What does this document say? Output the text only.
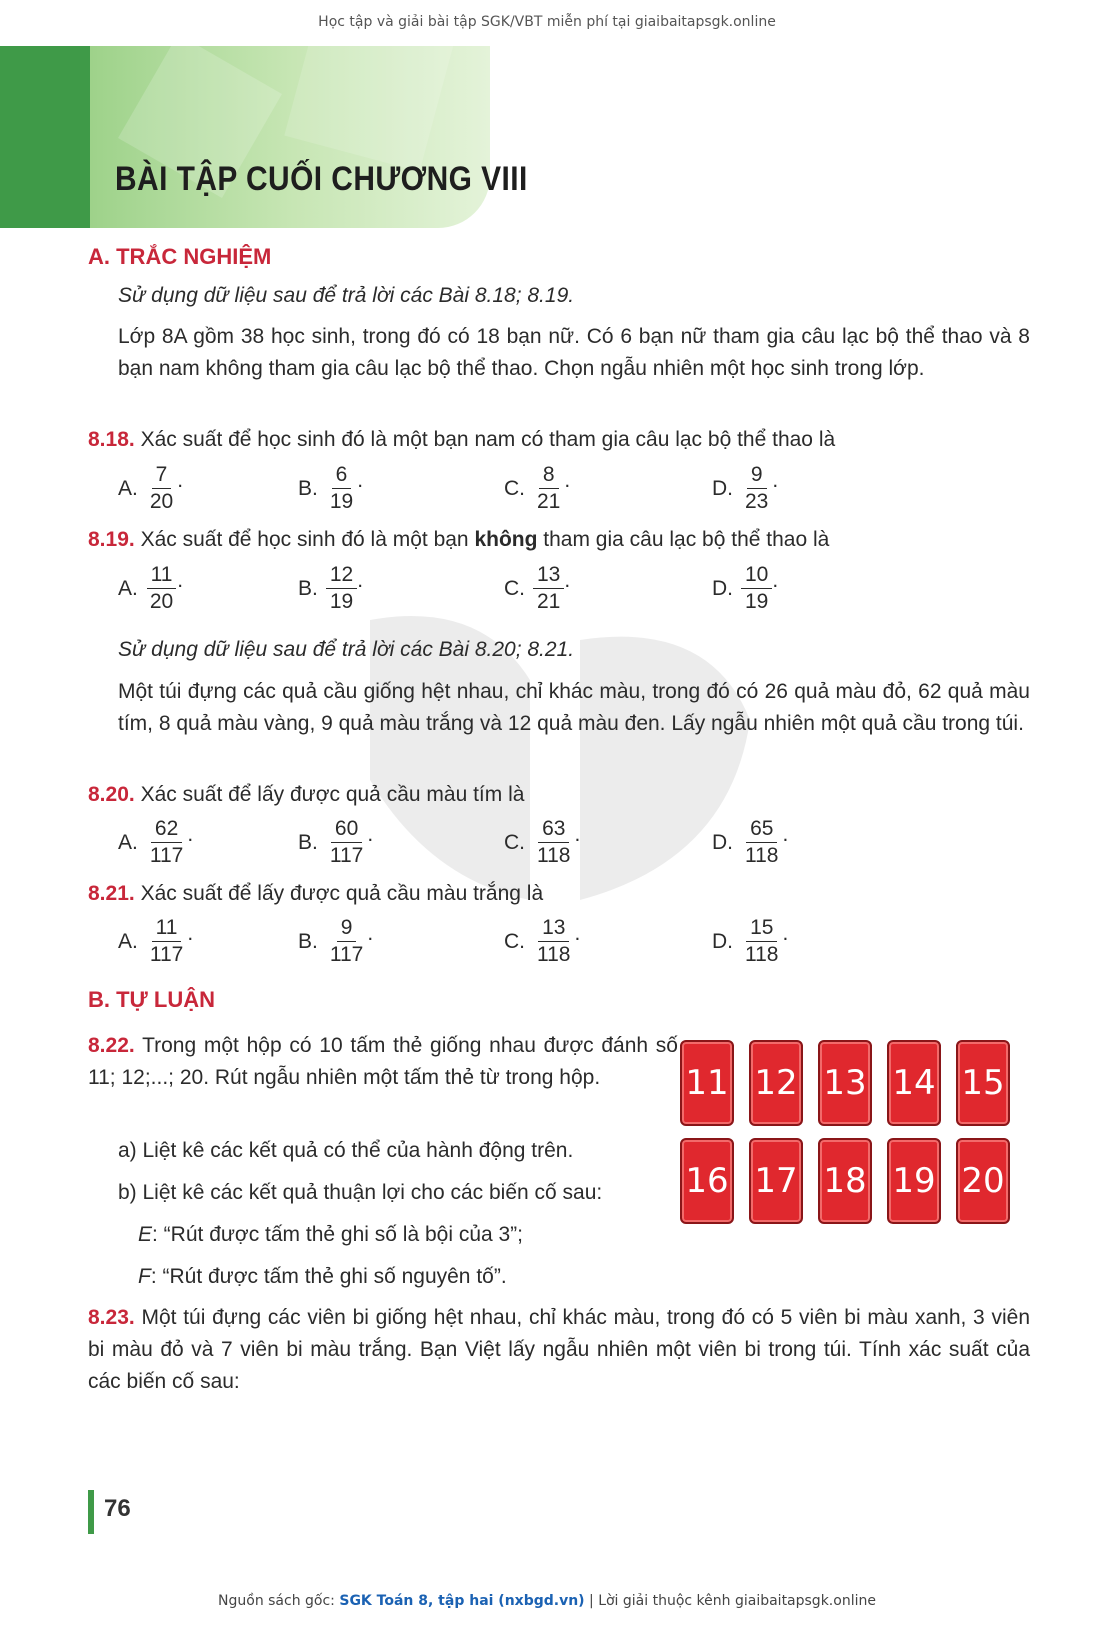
Học tập và giải bài tập SGK/VBT miễn phí tại giaibaitapsgk.online
BÀI TẬP CUỐI CHƯƠNG VIII
A. TRẮC NGHIỆM
Sử dụng dữ liệu sau để trả lời các Bài 8.18; 8.19.
Lớp 8A gồm 38 học sinh, trong đó có 18 bạn nữ. Có 6 bạn nữ tham gia câu lạc bộ thể thao và 8 bạn nam không tham gia câu lạc bộ thể thao. Chọn ngẫu nhiên một học sinh trong lớp.
8.18. Xác suất để học sinh đó là một bạn nam có tham gia câu lạc bộ thể thao là
A. $\frac{7}{20}$ .	B. $\frac{6}{19}$ .	C. $\frac{8}{21}$ .	D. $\frac{9}{23}$ .
8.19. Xác suất để học sinh đó là một bạn không tham gia câu lạc bộ thể thao là
A. $\frac{11}{20}$ .	B. $\frac{12}{19}$ .	C. $\frac{13}{21}$ .	D. $\frac{10}{19}$ .
Sử dụng dữ liệu sau để trả lời các Bài 8.20; 8.21.
Một túi đựng các quả cầu giống hệt nhau, chỉ khác màu, trong đó có 26 quả màu đỏ, 62 quả màu tím, 8 quả màu vàng, 9 quả màu trắng và 12 quả màu đen. Lấy ngẫu nhiên một quả cầu trong túi.
8.20. Xác suất để lấy được quả cầu màu tím là
A. $\frac{62}{117}$ .	B. $\frac{60}{117}$ .	C. $\frac{63}{118}$ .	D. $\frac{65}{118}$ .
8.21. Xác suất để lấy được quả cầu màu trắng là
A. $\frac{11}{117}$ .	B. $\frac{9}{117}$ .	C. $\frac{13}{118}$ .	D. $\frac{15}{118}$ .
B. TỰ LUẬN
8.22. Trong một hộp có 10 tấm thẻ giống nhau được đánh số 11; 12;...; 20. Rút ngẫu nhiên một tấm thẻ từ trong hộp.
a) Liệt kê các kết quả có thể của hành động trên.
b) Liệt kê các kết quả thuận lợi cho các biến cố sau:
E: “Rút được tấm thẻ ghi số là bội của 3”;
F: “Rút được tấm thẻ ghi số nguyên tố”.
11 12 13 14 15
16 17 18 19 20
8.23. Một túi đựng các viên bi giống hệt nhau, chỉ khác màu, trong đó có 5 viên bi màu xanh, 3 viên bi màu đỏ và 7 viên bi màu trắng. Bạn Việt lấy ngẫu nhiên một viên bi trong túi. Tính xác suất của các biến cố sau:
76
Nguồn sách gốc: SGK Toán 8, tập hai (nxbgd.vn) | Lời giải thuộc kênh giaibaitapsgk.online
